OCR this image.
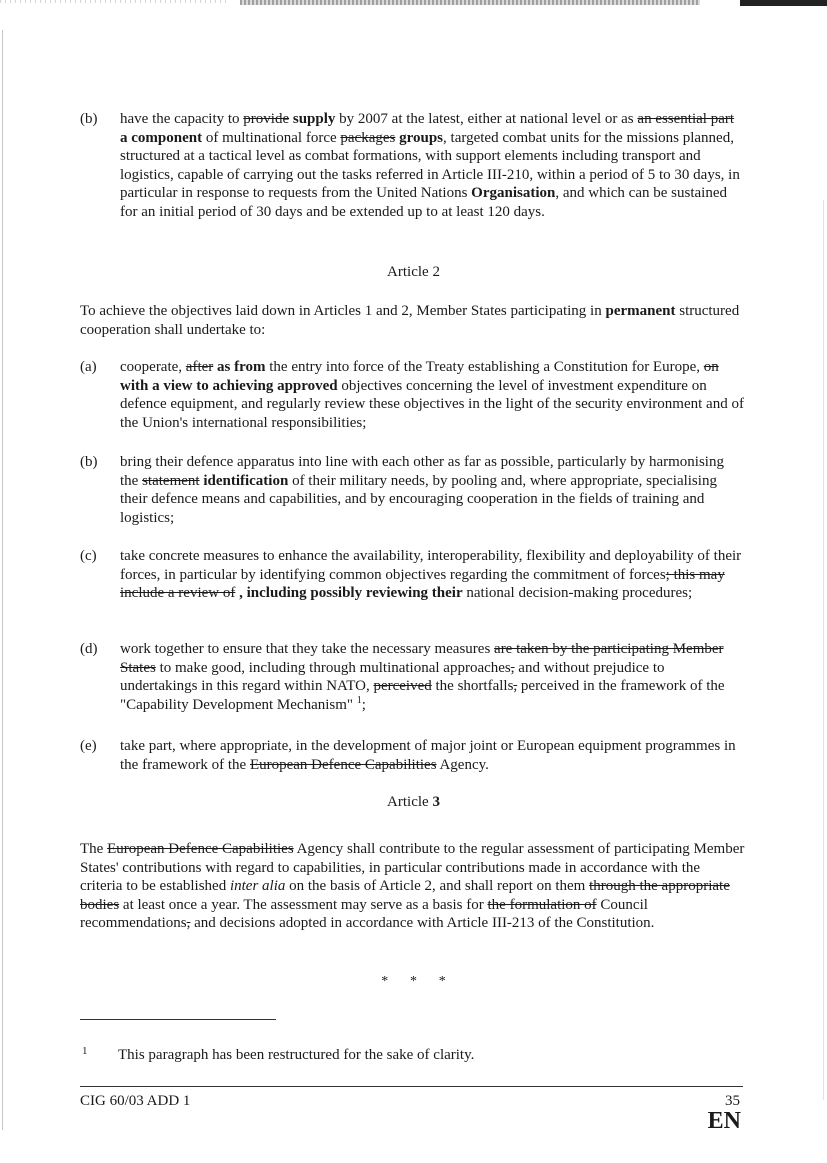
(b) have the capacity to provide supply by 2007 at the latest, either at national level or as an essential part a component of multinational force packages groups, targeted combat units for the missions planned, structured at a tactical level as combat formations, with support elements including transport and logistics, capable of carrying out the tasks referred in Article III-210, within a period of 5 to 30 days, in particular in response to requests from the United Nations Organisation, and which can be sustained for an initial period of 30 days and be extended up to at least 120 days.
Article 2
To achieve the objectives laid down in Articles 1 and 2, Member States participating in permanent structured cooperation shall undertake to:
(a) cooperate, after as from the entry into force of the Treaty establishing a Constitution for Europe, on with a view to achieving approved objectives concerning the level of investment expenditure on defence equipment, and regularly review these objectives in the light of the security environment and of the Union's international responsibilities;
(b) bring their defence apparatus into line with each other as far as possible, particularly by harmonising the statement identification of their military needs, by pooling and, where appropriate, specialising their defence means and capabilities, and by encouraging cooperation in the fields of training and logistics;
(c) take concrete measures to enhance the availability, interoperability, flexibility and deployability of their forces, in particular by identifying common objectives regarding the commitment of forces; this may include a review of , including possibly reviewing their national decision-making procedures;
(d) work together to ensure that they take the necessary measures are taken by the participating Member States to make good, including through multinational approaches, and without prejudice to undertakings in this regard within NATO, perceived the shortfalls, perceived in the framework of the "Capability Development Mechanism" $^1$;
(e) take part, where appropriate, in the development of major joint or European equipment programmes in the framework of the European Defence Capabilities Agency.
Article 3
The European Defence Capabilities Agency shall contribute to the regular assessment of participating Member States' contributions with regard to capabilities, in particular contributions made in accordance with the criteria to be established inter alia on the basis of Article 2, and shall report on them through the appropriate bodies at least once a year. The assessment may serve as a basis for the formulation of Council recommendations, and decisions adopted in accordance with Article III-213 of the Constitution.
* * *
1 This paragraph has been restructured for the sake of clarity.
CIG 60/03 ADD 1	35
EN
